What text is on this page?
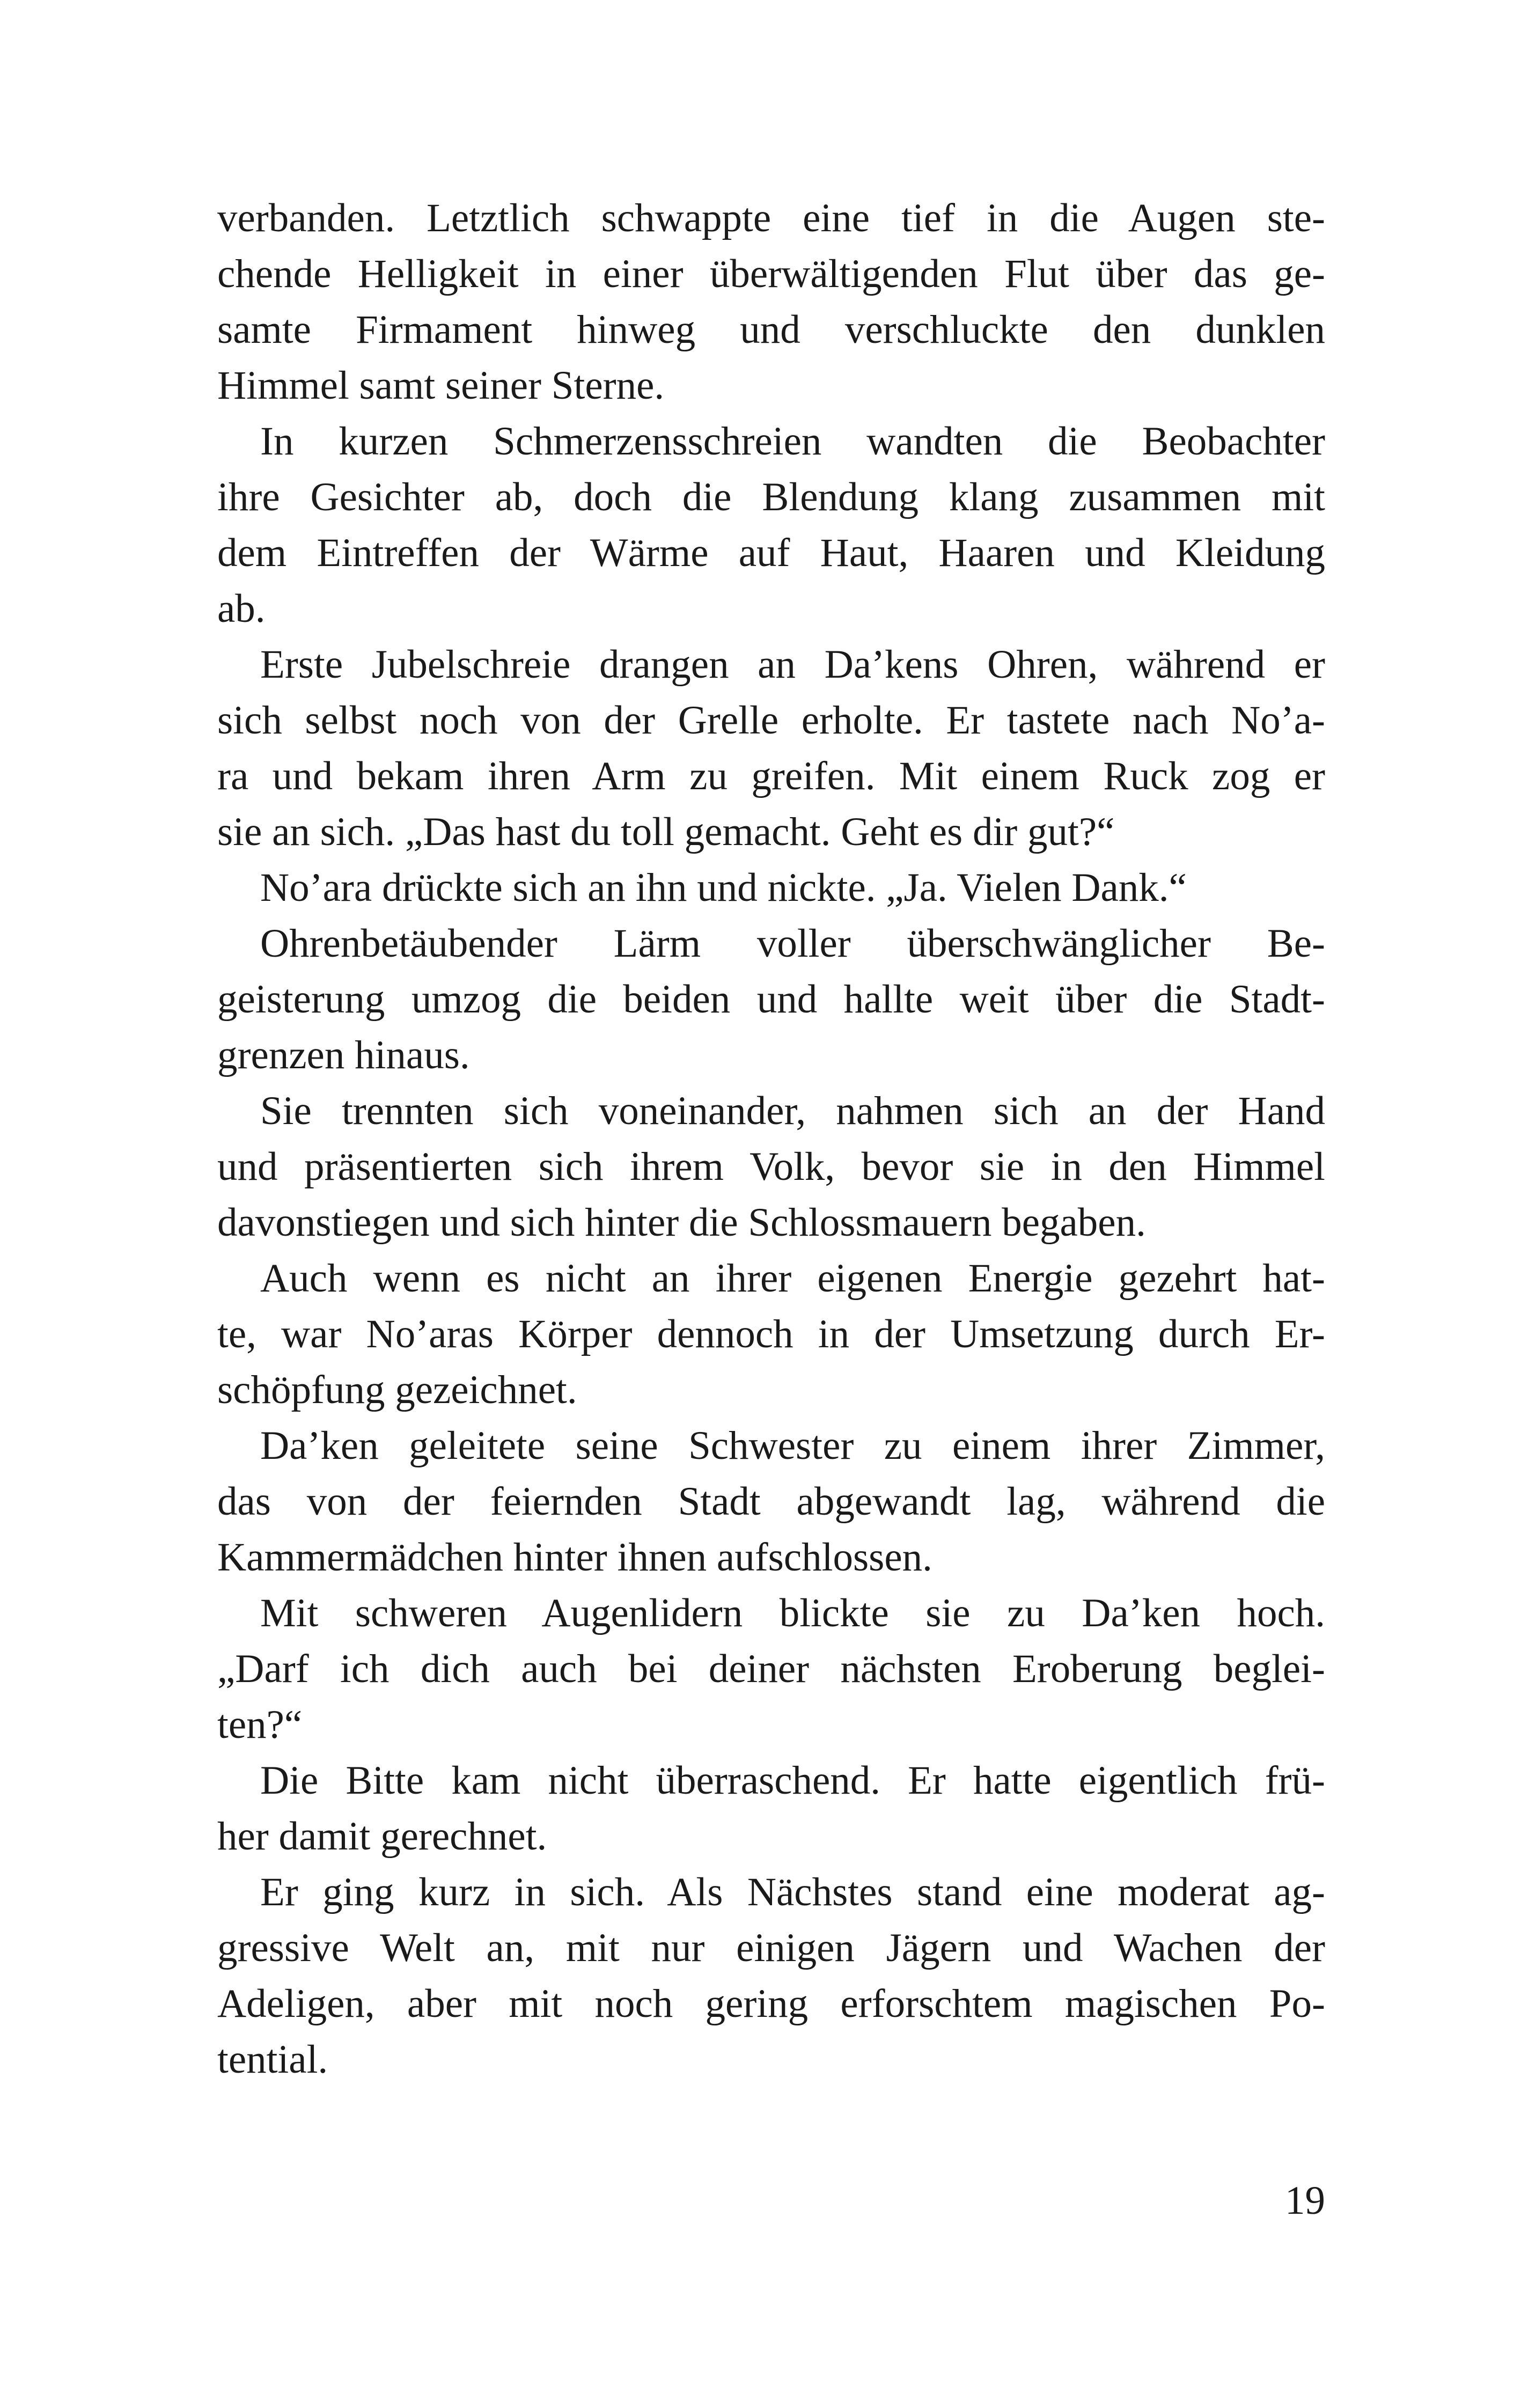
verbanden. Letztlich schwappte eine tief in die Augen ste-
chende Helligkeit in einer überwältigenden Flut über das ge-
samte Firmament hinweg und verschluckte den dunklen
Himmel samt seiner Sterne.
In kurzen Schmerzensschreien wandten die Beobachter
ihre Gesichter ab, doch die Blendung klang zusammen mit
dem Eintreffen der Wärme auf Haut, Haaren und Kleidung
ab.
Erste Jubelschreie drangen an Da’kens Ohren, während er
sich selbst noch von der Grelle erholte. Er tastete nach No’a-
ra und bekam ihren Arm zu greifen. Mit einem Ruck zog er
sie an sich. „Das hast du toll gemacht. Geht es dir gut?“
No’ara drückte sich an ihn und nickte. „Ja. Vielen Dank.“
Ohrenbetäubender Lärm voller überschwänglicher Be-
geisterung umzog die beiden und hallte weit über die Stadt-
grenzen hinaus.
Sie trennten sich voneinander, nahmen sich an der Hand
und präsentierten sich ihrem Volk, bevor sie in den Himmel
davonstiegen und sich hinter die Schlossmauern begaben.
Auch wenn es nicht an ihrer eigenen Energie gezehrt hat-
te, war No’aras Körper dennoch in der Umsetzung durch Er-
schöpfung gezeichnet.
Da’ken geleitete seine Schwester zu einem ihrer Zimmer,
das von der feiernden Stadt abgewandt lag, während die
Kammermädchen hinter ihnen aufschlossen.
Mit schweren Augenlidern blickte sie zu Da’ken hoch.
„Darf ich dich auch bei deiner nächsten Eroberung beglei-
ten?“
Die Bitte kam nicht überraschend. Er hatte eigentlich frü-
her damit gerechnet.
Er ging kurz in sich. Als Nächstes stand eine moderat ag-
gressive Welt an, mit nur einigen Jägern und Wachen der
Adeligen, aber mit noch gering erforschtem magischen Po-
tential.
19
